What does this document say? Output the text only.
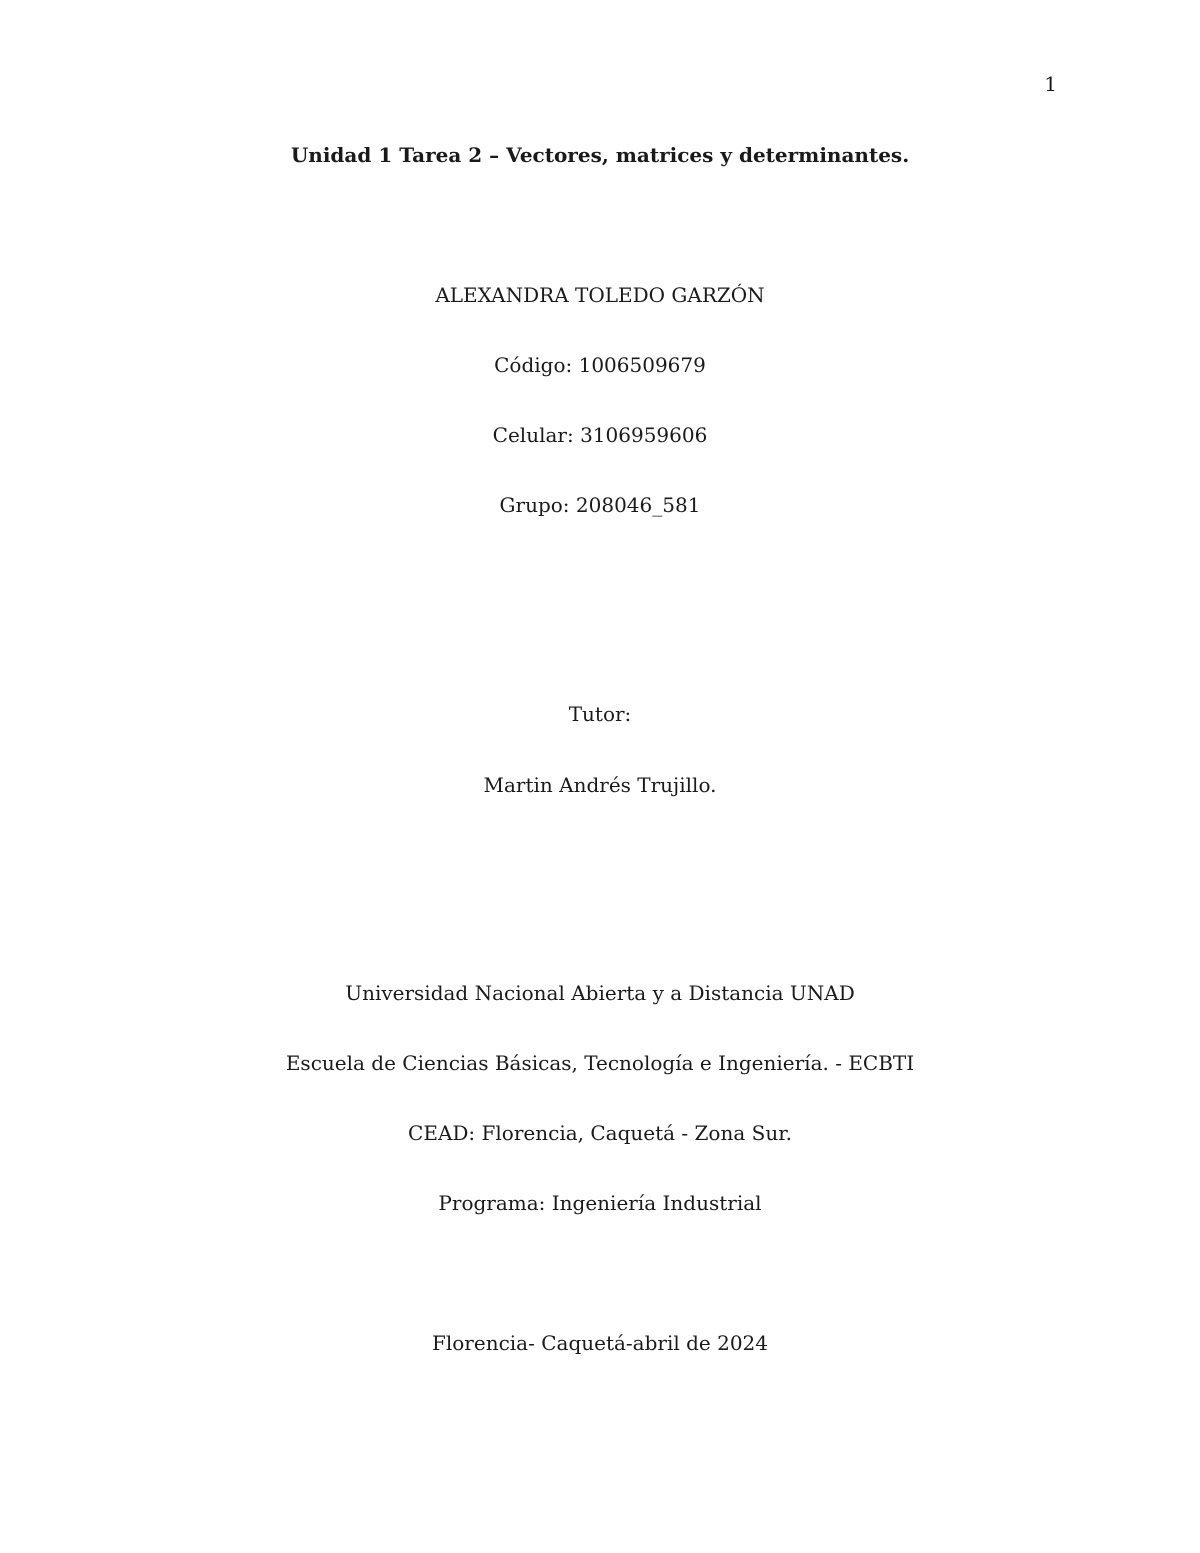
1
Unidad 1 Tarea 2 – Vectores, matrices y determinantes.
ALEXANDRA TOLEDO GARZÓN
Código: 1006509679
Celular: 3106959606
Grupo: 208046_581
Tutor:
Martin Andrés Trujillo.
Universidad Nacional Abierta y a Distancia UNAD
Escuela de Ciencias Básicas, Tecnología e Ingeniería. - ECBTI
CEAD: Florencia, Caquetá - Zona Sur.
Programa: Ingeniería Industrial
Florencia- Caquetá-abril de 2024
